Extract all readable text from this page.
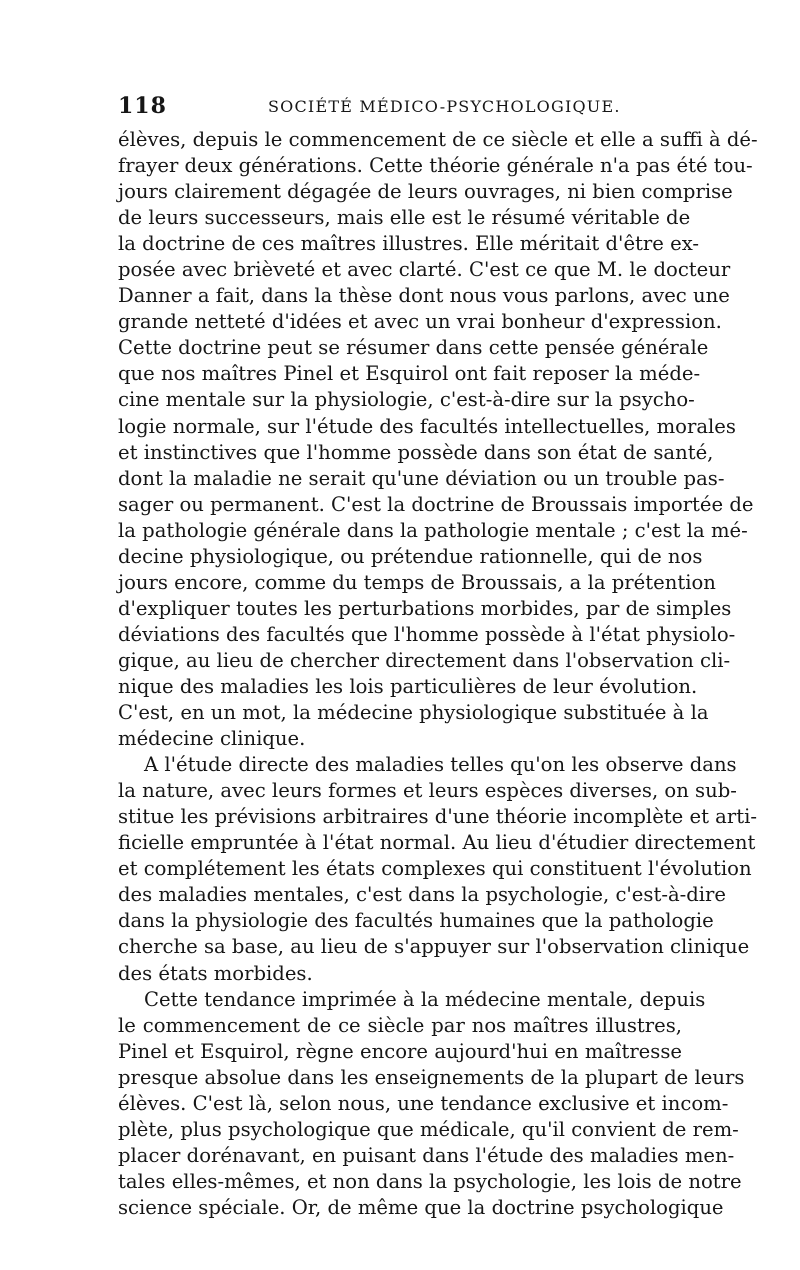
118	SOCIÉTÉ MÉDICO-PSYCHOLOGIQUE.
élèves, depuis le commencement de ce siècle et elle a suffi à dé-
frayer deux générations. Cette théorie générale n'a pas été tou-
jours clairement dégagée de leurs ouvrages, ni bien comprise
de leurs successeurs, mais elle est le résumé véritable de
la doctrine de ces maîtres illustres. Elle méritait d'être ex-
posée avec brièveté et avec clarté. C'est ce que M. le docteur
Danner a fait, dans la thèse dont nous vous parlons, avec une
grande netteté d'idées et avec un vrai bonheur d'expression.
Cette doctrine peut se résumer dans cette pensée générale
que nos maîtres Pinel et Esquirol ont fait reposer la méde-
cine mentale sur la physiologie, c'est-à-dire sur la psycho-
logie normale, sur l'étude des facultés intellectuelles, morales
et instinctives que l'homme possède dans son état de santé,
dont la maladie ne serait qu'une déviation ou un trouble pas-
sager ou permanent. C'est la doctrine de Broussais importée de
la pathologie générale dans la pathologie mentale ; c'est la mé-
decine physiologique, ou prétendue rationnelle, qui de nos
jours encore, comme du temps de Broussais, a la prétention
d'expliquer toutes les perturbations morbides, par de simples
déviations des facultés que l'homme possède à l'état physiolo-
gique, au lieu de chercher directement dans l'observation cli-
nique des maladies les lois particulières de leur évolution.
C'est, en un mot, la médecine physiologique substituée à la
médecine clinique.
A l'étude directe des maladies telles qu'on les observe dans
la nature, avec leurs formes et leurs espèces diverses, on sub-
stitue les prévisions arbitraires d'une théorie incomplète et arti-
ficielle empruntée à l'état normal. Au lieu d'étudier directement
et complétement les états complexes qui constituent l'évolution
des maladies mentales, c'est dans la psychologie, c'est-à-dire
dans la physiologie des facultés humaines que la pathologie
cherche sa base, au lieu de s'appuyer sur l'observation clinique
des états morbides.
Cette tendance imprimée à la médecine mentale, depuis
le commencement de ce siècle par nos maîtres illustres,
Pinel et Esquirol, règne encore aujourd'hui en maîtresse
presque absolue dans les enseignements de la plupart de leurs
élèves. C'est là, selon nous, une tendance exclusive et incom-
plète, plus psychologique que médicale, qu'il convient de rem-
placer dorénavant, en puisant dans l'étude des maladies men-
tales elles-mêmes, et non dans la psychologie, les lois de notre
science spéciale. Or, de même que la doctrine psychologique
